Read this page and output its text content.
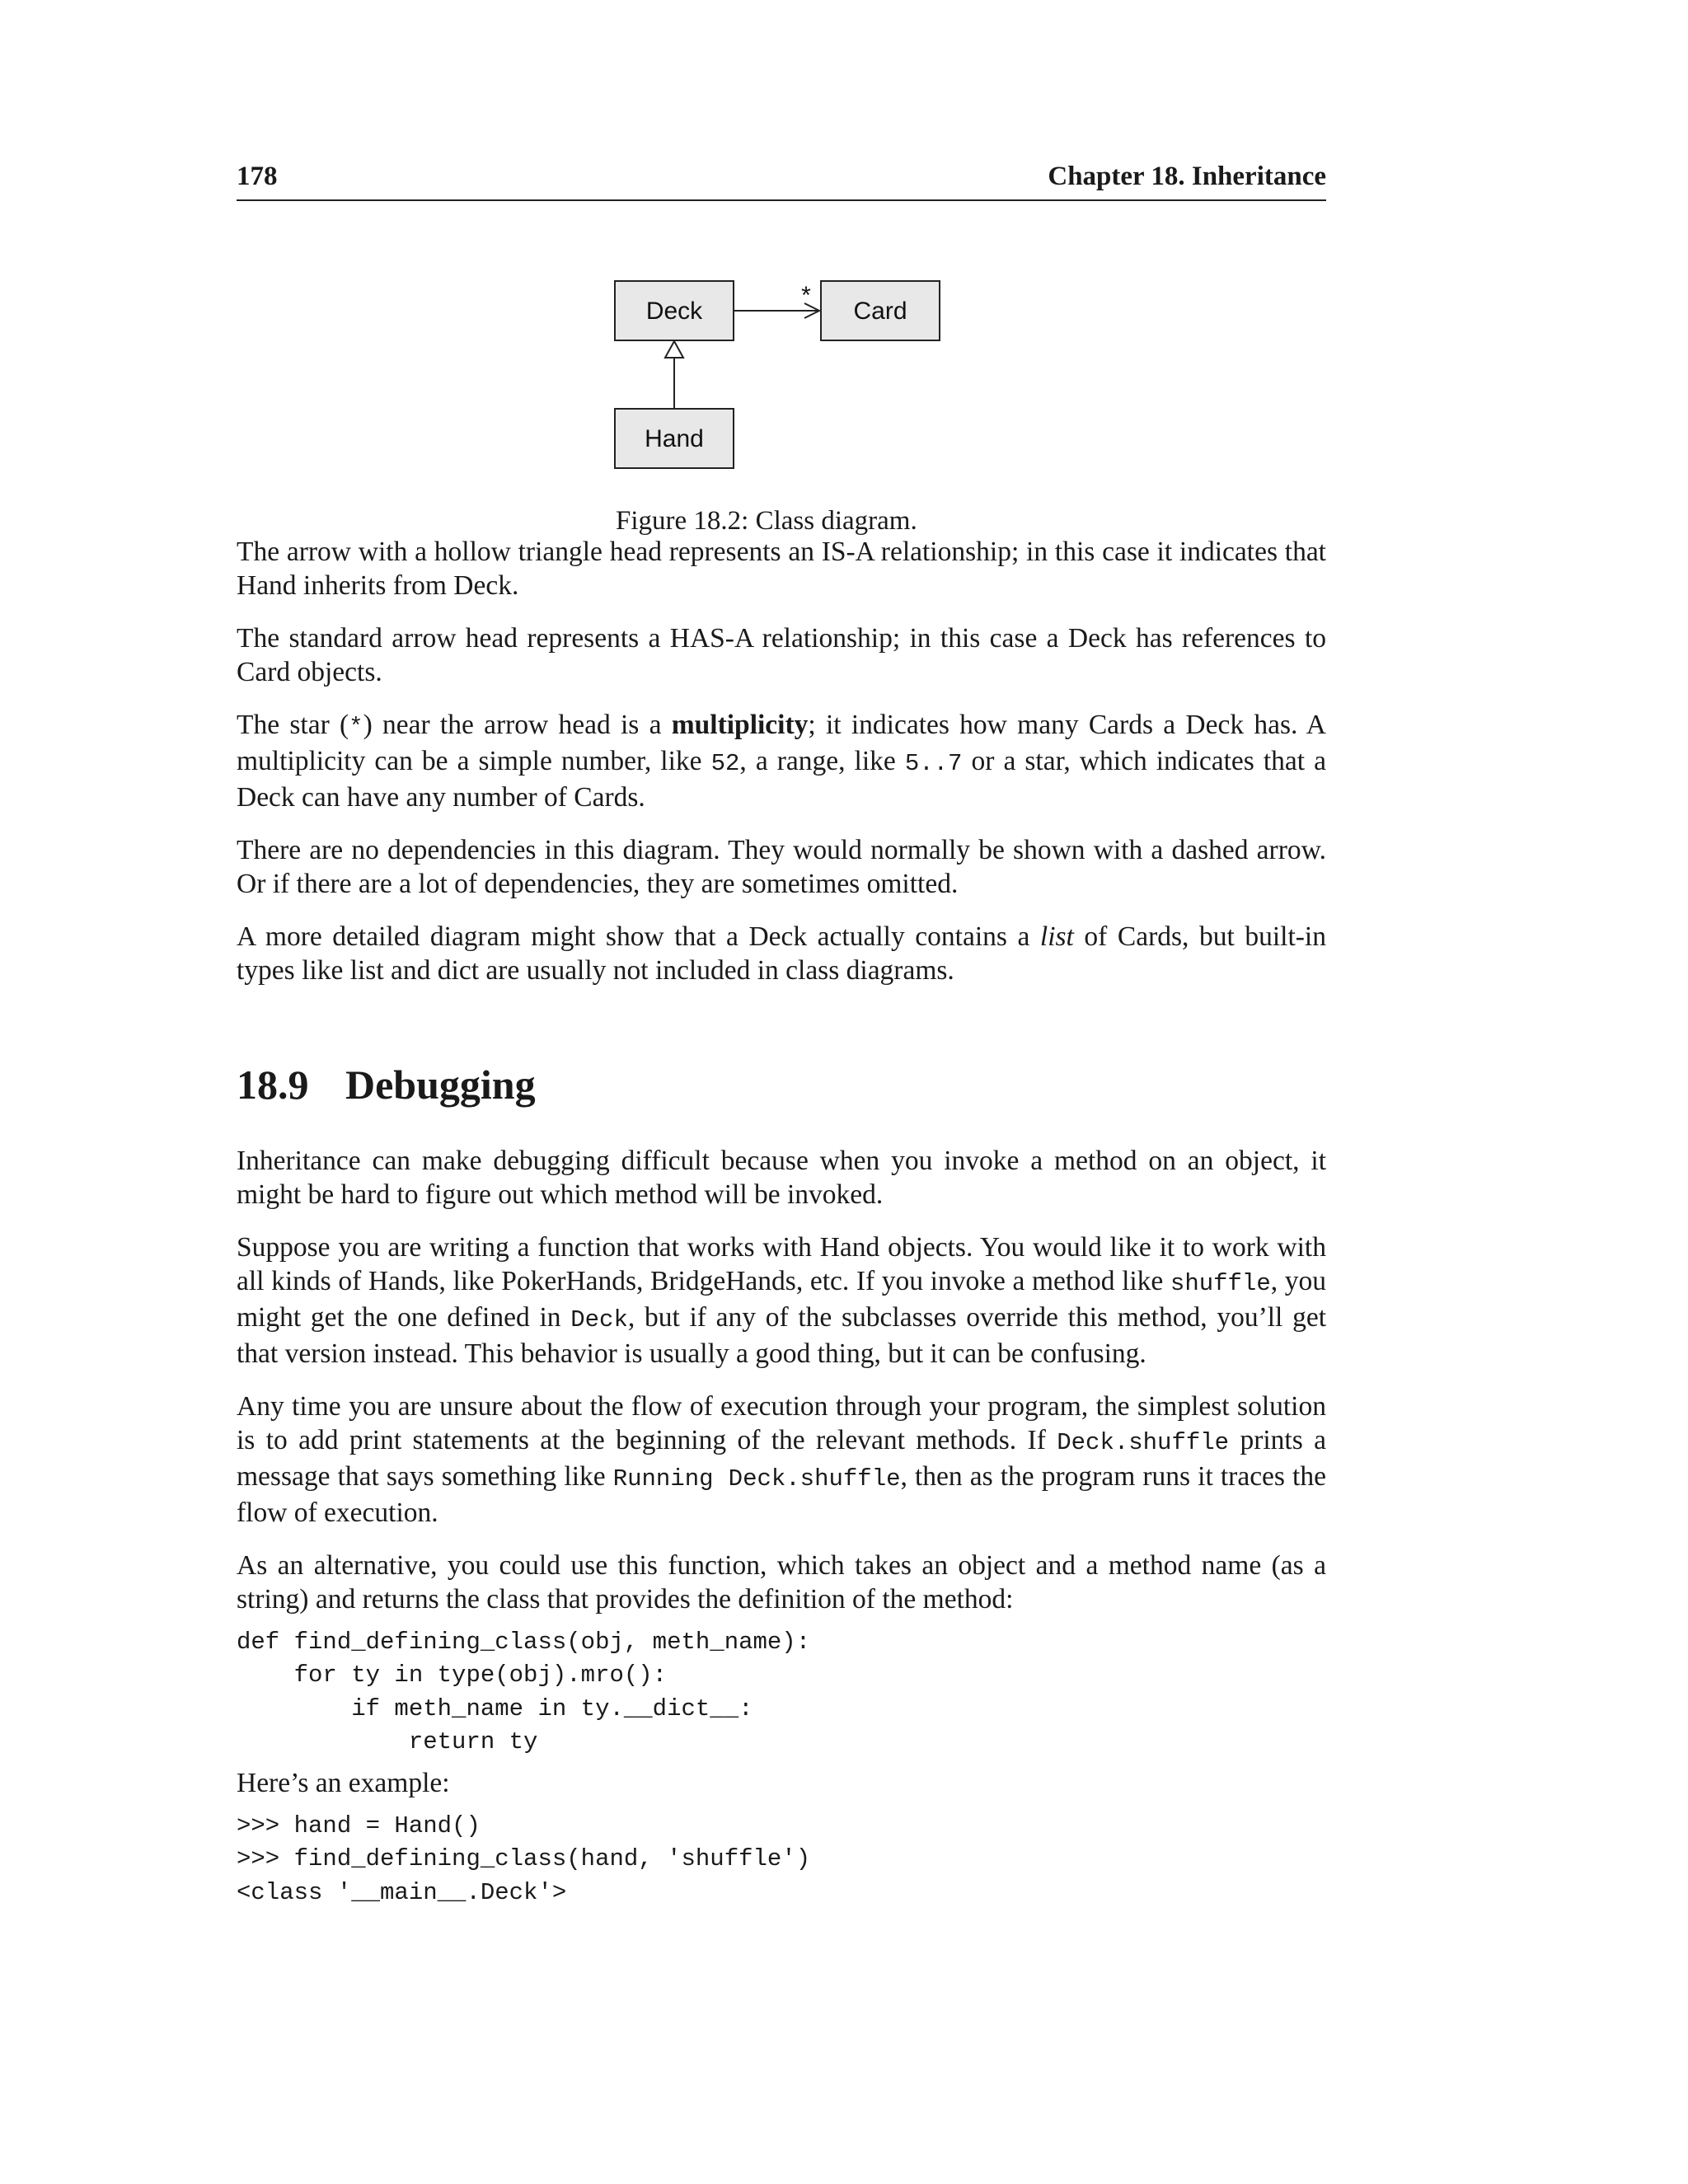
178	Chapter 18. Inheritance
Deck	Card
Hand
*
Figure 18.2: Class diagram.

The arrow with a hollow triangle head represents an IS-A relationship; in this case it indicates that Hand inherits from Deck.

The standard arrow head represents a HAS-A relationship; in this case a Deck has references to Card objects.

The star (*) near the arrow head is a multiplicity; it indicates how many Cards a Deck has. A multiplicity can be a simple number, like 52, a range, like 5..7 or a star, which indicates that a Deck can have any number of Cards.

There are no dependencies in this diagram. They would normally be shown with a dashed arrow. Or if there are a lot of dependencies, they are sometimes omitted.

A more detailed diagram might show that a Deck actually contains a list of Cards, but built-in types like list and dict are usually not included in class diagrams.

18.9 Debugging

Inheritance can make debugging difficult because when you invoke a method on an object, it might be hard to figure out which method will be invoked.

Suppose you are writing a function that works with Hand objects. You would like it to work with all kinds of Hands, like PokerHands, BridgeHands, etc. If you invoke a method like shuffle, you might get the one defined in Deck, but if any of the subclasses override this method, you’ll get that version instead. This behavior is usually a good thing, but it can be confusing.

Any time you are unsure about the flow of execution through your program, the simplest solution is to add print statements at the beginning of the relevant methods. If Deck.shuffle prints a message that says something like Running Deck.shuffle, then as the program runs it traces the flow of execution.

As an alternative, you could use this function, which takes an object and a method name (as a string) and returns the class that provides the definition of the method:

def find_defining_class(obj, meth_name):
for ty in type(obj).mro():
if meth_name in ty.__dict__:
return ty

Here’s an example:

>>> hand = Hand()
>>> find_defining_class(hand, 'shuffle')
<class '__main__.Deck'>
